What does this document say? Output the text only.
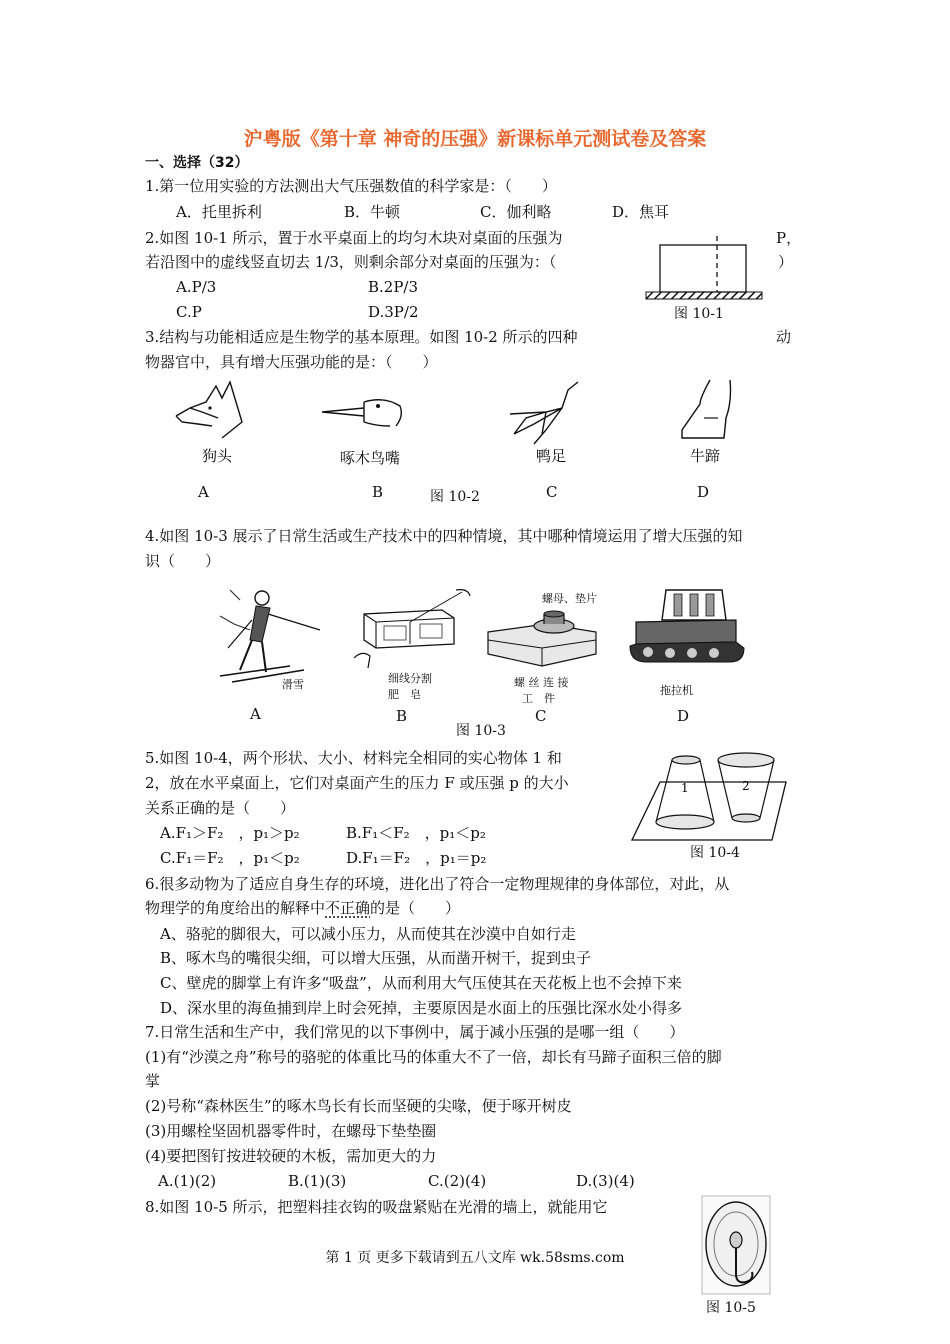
沪粤版《第十章 神奇的压强》新课标单元测试卷及答案
一、选择（32）
1.第一位用实验的方法测出大气压强数值的科学家是：（　　）
A．托里拆利	B．牛顿	C．伽利略	D．焦耳
2.如图 10-1 所示，置于水平桌面上的均匀木块对桌面的压强为	P，
若沿图中的虚线竖直切去 1/3，则剩余部分对桌面的压强为：（	）
A.P/3	B.2P/3
C.P	D.3P/2	图 10-1
3.结构与功能相适应是生物学的基本原理。如图 10-2 所示的四种	动
物器官中，具有增大压强功能的是：（　　）
狗头	啄木鸟嘴	鸭足	牛蹄
A	B	图 10-2	C	D
4.如图 10-3 展示了日常生活或生产技术中的四种情境，其中哪种情境运用了增大压强的知
识（　　）
滑雪	细线分割
肥　皂
螺母、垫片
螺 丝 连 接
工　件
拖拉机
A	B	C	D
图 10-3
5.如图 10-4，两个形状、大小、材料完全相同的实心物体 1 和
2，放在水平桌面上，它们对桌面产生的压力 F 或压强 p 的大小
关系正确的是（　　）
A.F₁＞F₂　，p₁＞p₂	B.F₁＜F₂　，p₁＜p₂
C.F₁＝F₂　，p₁＜p₂	D.F₁＝F₂　，p₁＝p₂
1	2
图 10-4
6.很多动物为了适应自身生存的环境，进化出了符合一定物理规律的身体部位，对此，从
物理学的角度给出的解释中不正确的是（　　）
A、骆驼的脚很大，可以减小压力，从而使其在沙漠中自如行走
B、啄木鸟的嘴很尖细，可以增大压强，从而凿开树干，捉到虫子
C、壁虎的脚掌上有许多“吸盘”，从而利用大气压使其在天花板上也不会掉下来
D、深水里的海鱼捕到岸上时会死掉，主要原因是水面上的压强比深水处小得多
7.日常生活和生产中，我们常见的以下事例中，属于减小压强的是哪一组（　　）
(1)有“沙漠之舟”称号的骆驼的体重比马的体重大不了一倍，却长有马蹄子面积三倍的脚
掌
(2)号称“森林医生”的啄木鸟长有长而坚硬的尖喙，便于啄开树皮
(3)用螺栓坚固机器零件时，在螺母下垫垫圈
(4)要把图钉按进较硬的木板，需加更大的力
A.(1)(2)	B.(1)(3)	C.(2)(4)	D.(3)(4)
8.如图 10-5 所示，把塑料挂衣钩的吸盘紧贴在光滑的墙上，就能用它
图 10-5
第 1 页 更多下载请到五八文库 wk.58sms.com
